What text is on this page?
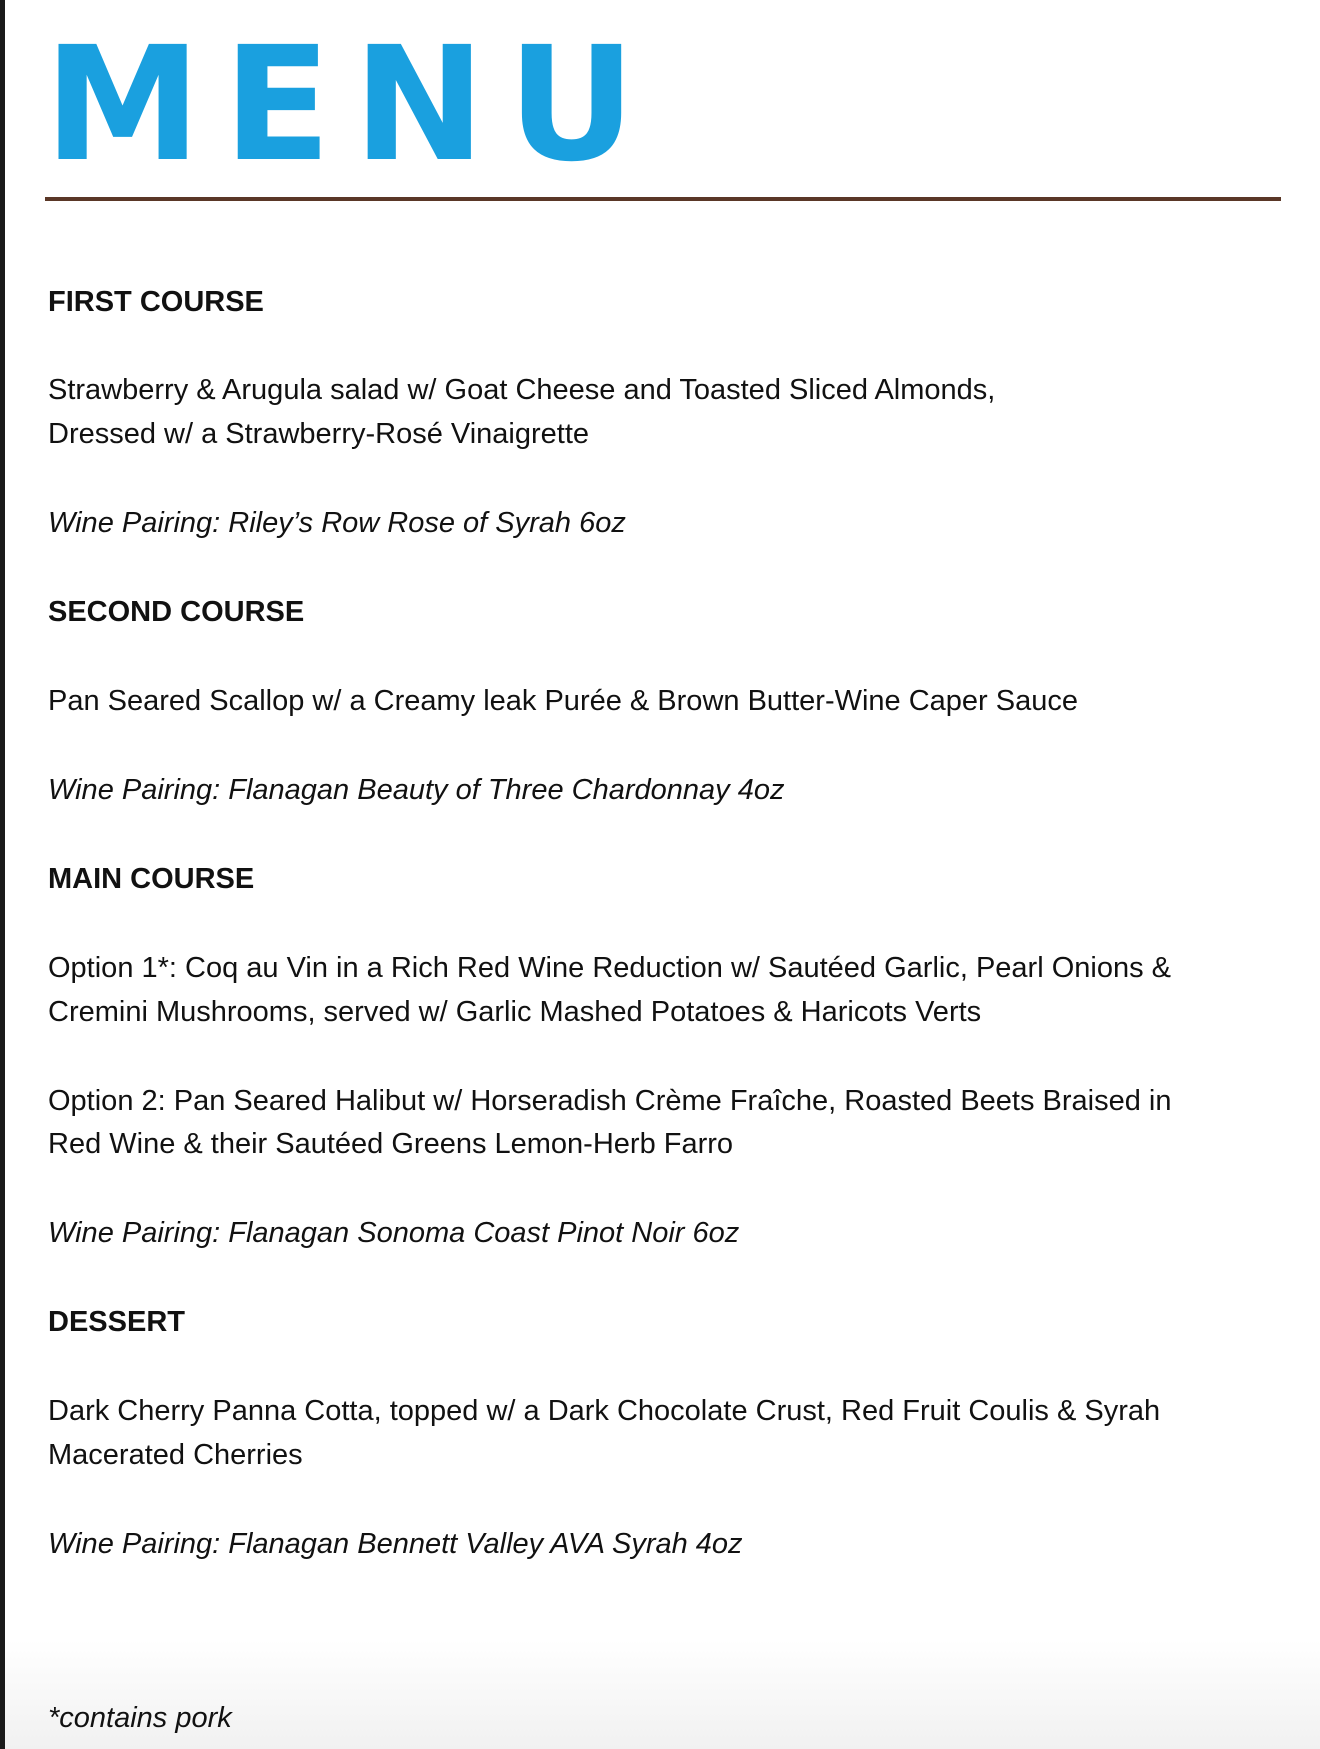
MENU
FIRST COURSE
Strawberry & Arugula salad w/ Goat Cheese and Toasted Sliced Almonds,
Dressed w/ a Strawberry-Rosé Vinaigrette
Wine Pairing: Riley’s Row Rose of Syrah 6oz
SECOND COURSE
Pan Seared Scallop w/ a Creamy leak Purée & Brown Butter-Wine Caper Sauce
Wine Pairing: Flanagan Beauty of Three Chardonnay 4oz
MAIN COURSE
Option 1*: Coq au Vin in a Rich Red Wine Reduction w/ Sautéed Garlic, Pearl Onions &
Cremini Mushrooms, served w/ Garlic Mashed Potatoes & Haricots Verts
Option 2: Pan Seared Halibut w/ Horseradish Crème Fraîche, Roasted Beets Braised in
Red Wine & their Sautéed Greens Lemon-Herb Farro
Wine Pairing: Flanagan Sonoma Coast Pinot Noir 6oz
DESSERT
Dark Cherry Panna Cotta, topped w/ a Dark Chocolate Crust, Red Fruit Coulis & Syrah
Macerated Cherries
Wine Pairing: Flanagan Bennett Valley AVA Syrah 4oz
*contains pork
